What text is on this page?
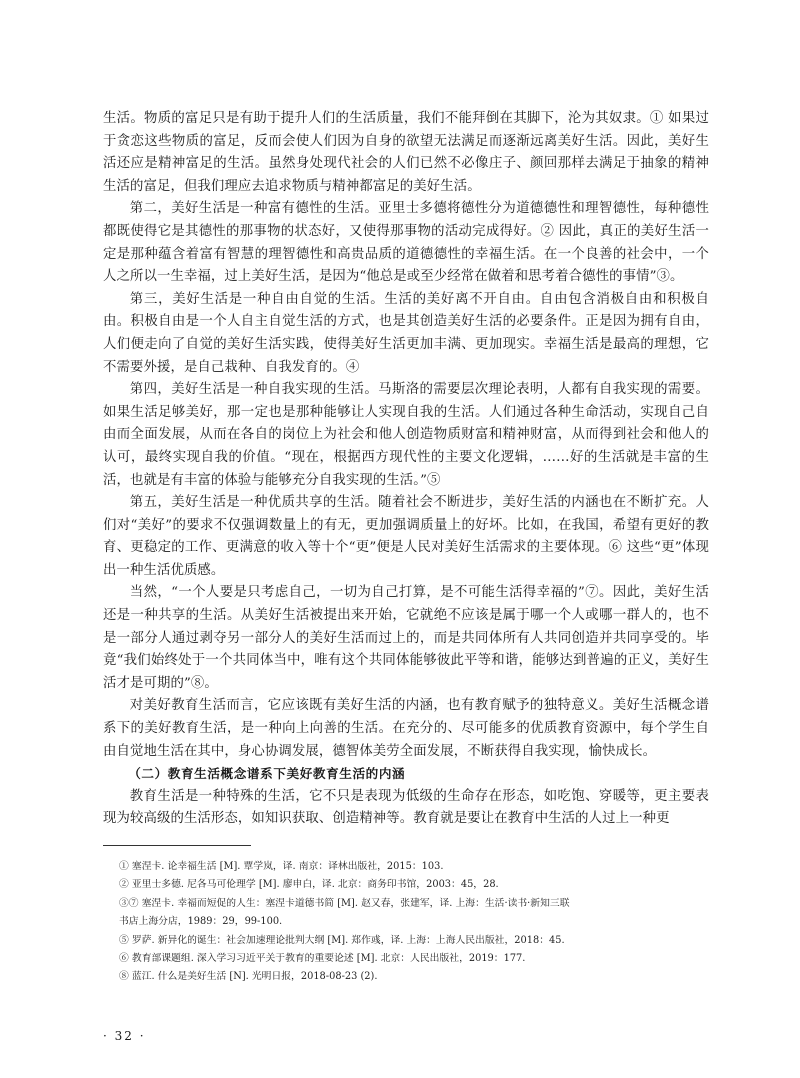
生活。物质的富足只是有助于提升人们的生活质量，我们不能拜倒在其脚下，沦为其奴隶。① 如果过于贪恋这些物质的富足，反而会使人们因为自身的欲望无法满足而逐渐远离美好生活。因此，美好生活还应是精神富足的生活。虽然身处现代社会的人们已然不必像庄子、颜回那样去满足于抽象的精神生活的富足，但我们理应去追求物质与精神都富足的美好生活。

第二，美好生活是一种富有德性的生活。亚里士多德将德性分为道德德性和理智德性，每种德性都既使得它是其德性的那事物的状态好，又使得那事物的活动完成得好。② 因此，真正的美好生活一定是那种蕴含着富有智慧的理智德性和高贵品质的道德德性的幸福生活。在一个良善的社会中，一个人之所以一生幸福，过上美好生活，是因为“他总是或至少经常在做着和思考着合德性的事情”③。

第三，美好生活是一种自由自觉的生活。生活的美好离不开自由。自由包含消极自由和积极自由。积极自由是一个人自主自觉生活的方式，也是其创造美好生活的必要条件。正是因为拥有自由，人们便走向了自觉的美好生活实践，使得美好生活更加丰满、更加现实。幸福生活是最高的理想，它不需要外援，是自己栽种、自我发育的。④

第四，美好生活是一种自我实现的生活。马斯洛的需要层次理论表明，人都有自我实现的需要。如果生活足够美好，那一定也是那种能够让人实现自我的生活。人们通过各种生命活动，实现自己自由而全面发展，从而在各自的岗位上为社会和他人创造物质财富和精神财富，从而得到社会和他人的认可，最终实现自我的价值。“现在，根据西方现代性的主要文化逻辑，……好的生活就是丰富的生活，也就是有丰富的体验与能够充分自我实现的生活。”⑤

第五，美好生活是一种优质共享的生活。随着社会不断进步，美好生活的内涵也在不断扩充。人们对“美好”的要求不仅强调数量上的有无，更加强调质量上的好坏。比如，在我国，希望有更好的教育、更稳定的工作、更满意的收入等十个“更”便是人民对美好生活需求的主要体现。⑥ 这些“更”体现出一种生活优质感。

当然，“一个人要是只考虑自己，一切为自己打算，是不可能生活得幸福的”⑦。因此，美好生活还是一种共享的生活。从美好生活被提出来开始，它就绝不应该是属于哪一个人或哪一群人的，也不是一部分人通过剥夺另一部分人的美好生活而过上的，而是共同体所有人共同创造并共同享受的。毕竟“我们始终处于一个共同体当中，唯有这个共同体能够彼此平等和谐，能够达到普遍的正义，美好生活才是可期的”⑧。

对美好教育生活而言，它应该既有美好生活的内涵，也有教育赋予的独特意义。美好生活概念谱系下的美好教育生活，是一种向上向善的生活。在充分的、尽可能多的优质教育资源中，每个学生自由自觉地生活在其中，身心协调发展，德智体美劳全面发展，不断获得自我实现，愉快成长。

（二）教育生活概念谱系下美好教育生活的内涵

教育生活是一种特殊的生活，它不只是表现为低级的生命存在形态，如吃饱、穿暖等，更主要表现为较高级的生活形态，如知识获取、创造精神等。教育就是要让在教育中生活的人过上一种更

① 塞涅卡. 论幸福生活 [M]. 覃学岚，译. 南京：译林出版社，2015：103.
② 亚里士多德. 尼各马可伦理学 [M]. 廖申白，译. 北京：商务印书馆，2003：45，28.
③⑦ 塞涅卡. 幸福而短促的人生：塞涅卡道德书简 [M]. 赵又春，张建军，译. 上海：生活·读书·新知三联
书店上海分店，1989：29，99-100.
⑤ 罗萨. 新异化的诞生：社会加速理论批判大纲 [M]. 郑作彧，译. 上海：上海人民出版社，2018：45.
⑥ 教育部课题组. 深入学习习近平关于教育的重要论述 [M]. 北京：人民出版社，2019：177.
⑧ 蓝江. 什么是美好生活 [N]. 光明日报，2018-08-23 (2).
· 32 ·
